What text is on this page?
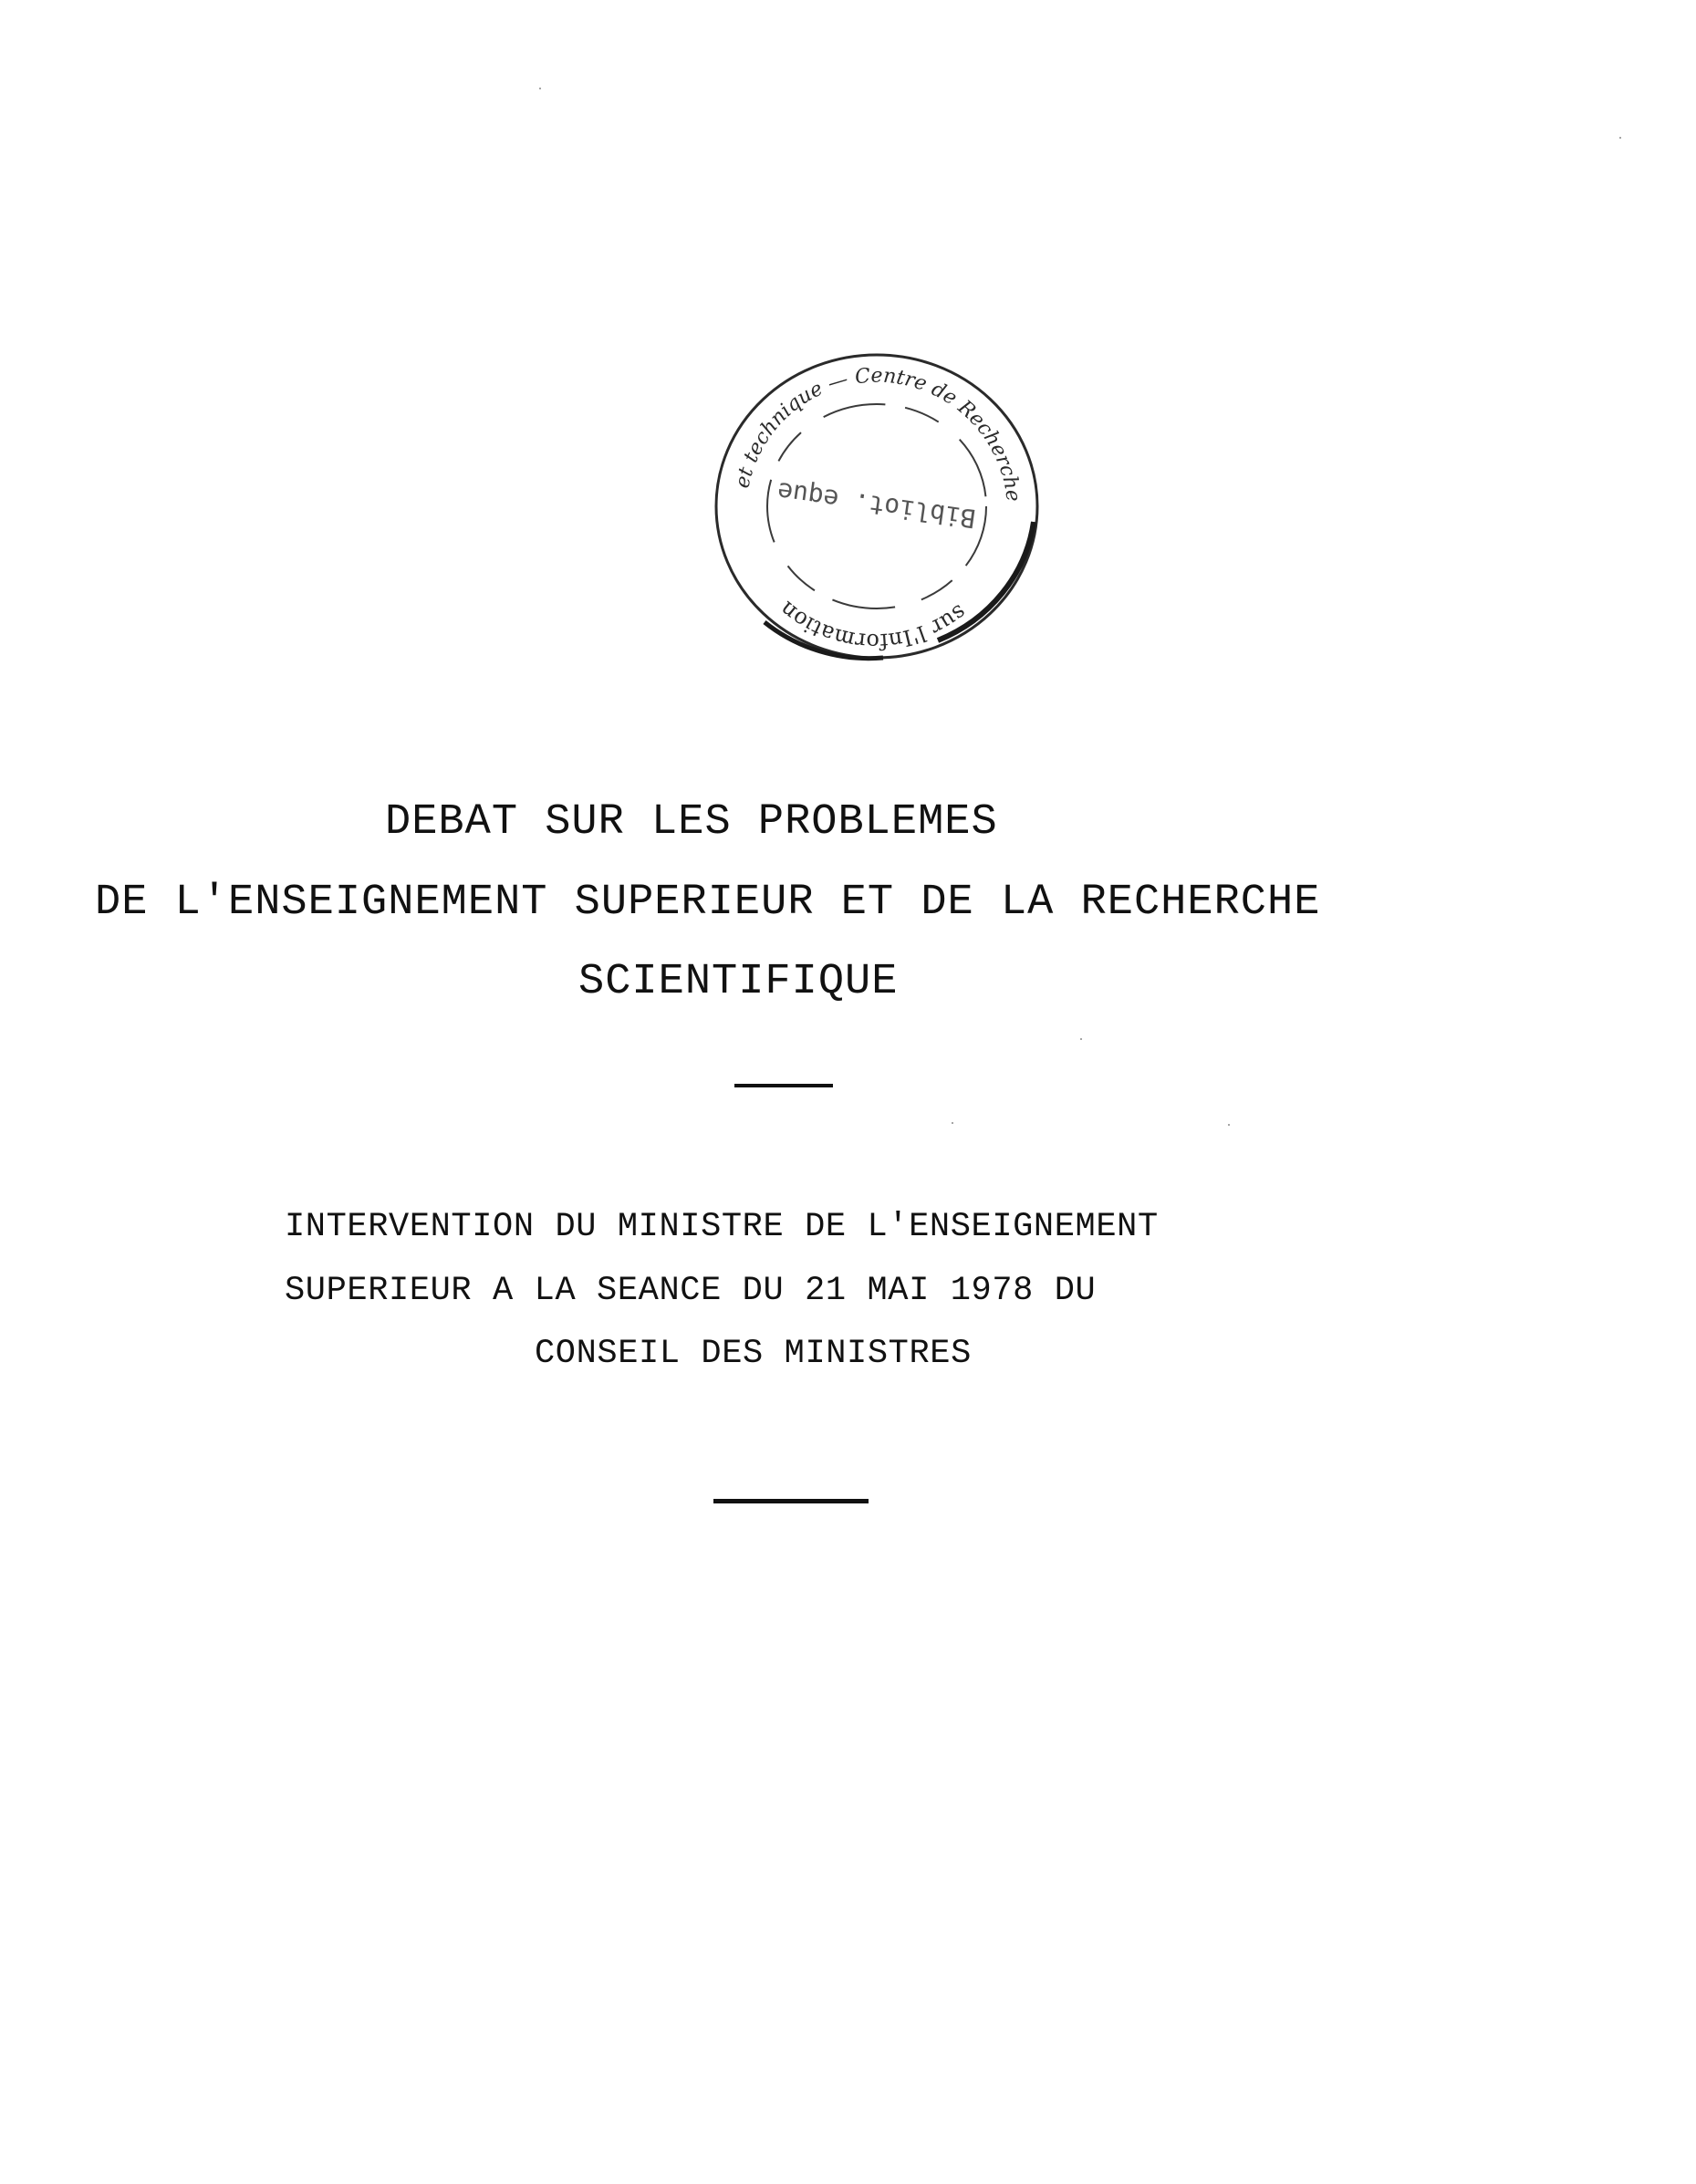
et technique — Centre de Recherche
sur l'Information
Bibliot. eque
DEBAT SUR LES PROBLEMES
DE L'ENSEIGNEMENT SUPERIEUR ET DE LA RECHERCHE
SCIENTIFIQUE
INTERVENTION DU MINISTRE DE L'ENSEIGNEMENT
SUPERIEUR A LA SEANCE DU 21 MAI 1978 DU
CONSEIL DES MINISTRES
